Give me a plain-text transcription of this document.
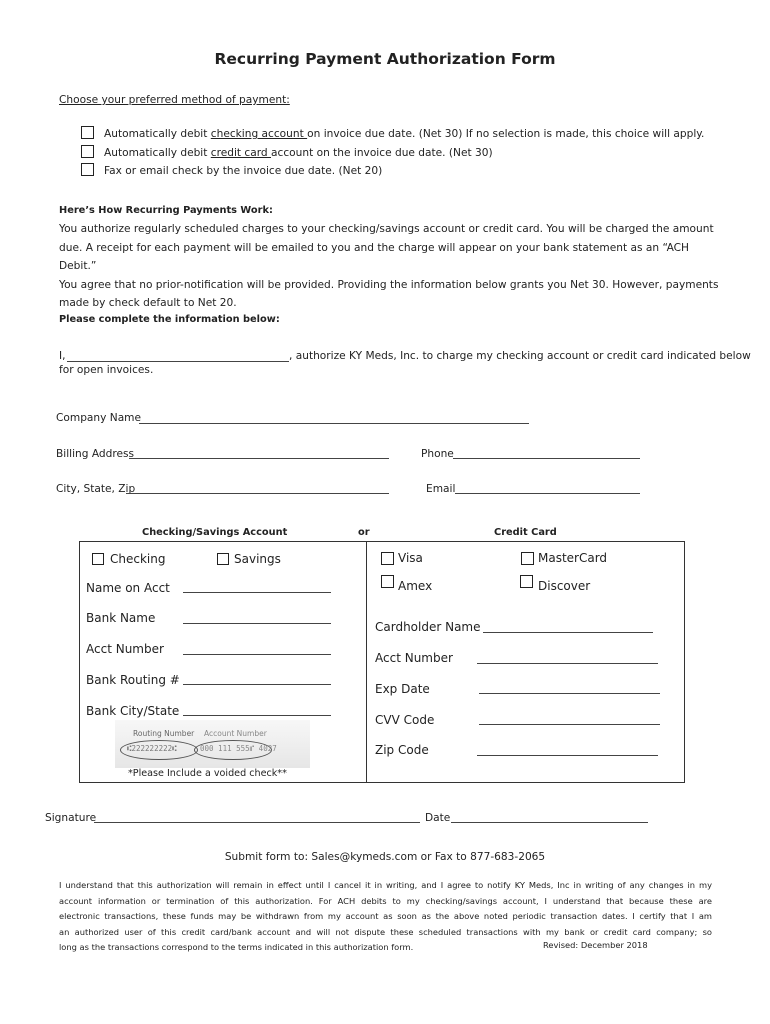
Recurring Payment Authorization Form
Choose your preferred method of payment:
Automatically debit checking account on invoice due date. (Net 30) If no selection is made, this choice will apply.
Automatically debit credit card account on the invoice due date. (Net 30)
Fax or email check by the invoice due date. (Net 20)
Here’s How Recurring Payments Work:
You authorize regularly scheduled charges to your checking/savings account or credit card. You will be charged the amount
due. A receipt for each payment will be emailed to you and the charge will appear on your bank statement as an “ACH Debit.”
You agree that no prior-notification will be provided. Providing the information below grants you Net 30. However, payments
made by check default to Net 20.
Please complete the information below:
I,	, authorize KY Meds, Inc. to charge my checking account or credit card indicated below
for open invoices.
Company Name
Billing Address	Phone
City, State, Zip	Email
Checking/Savings Account	or	Credit Card
Checking	Savings
Name on Acct
Bank Name
Acct Number
Bank Routing #
Bank City/State
Routing Number Account Number
⑆222222222⑆	000 111 555⑈ 4027
*Please Include a voided check**
Visa	MasterCard
Amex	Discover
Cardholder Name
Acct Number
Exp Date
CVV Code
Zip Code
Signature	Date
Submit form to: Sales@kymeds.com or Fax to 877-683-2065
I understand that this authorization will remain in effect until I cancel it in writing, and I agree to notify KY Meds, Inc in writing of any changes in my
account information or termination of this authorization. For ACH debits to my checking/savings account, I understand that because these are
electronic transactions, these funds may be withdrawn from my account as soon as the above noted periodic transaction dates. I certify that I am
an authorized user of this credit card/bank account and will not dispute these scheduled transactions with my bank or credit card company; so
long as the transactions correspond to the terms indicated in this authorization form.	Revised: December 2018
